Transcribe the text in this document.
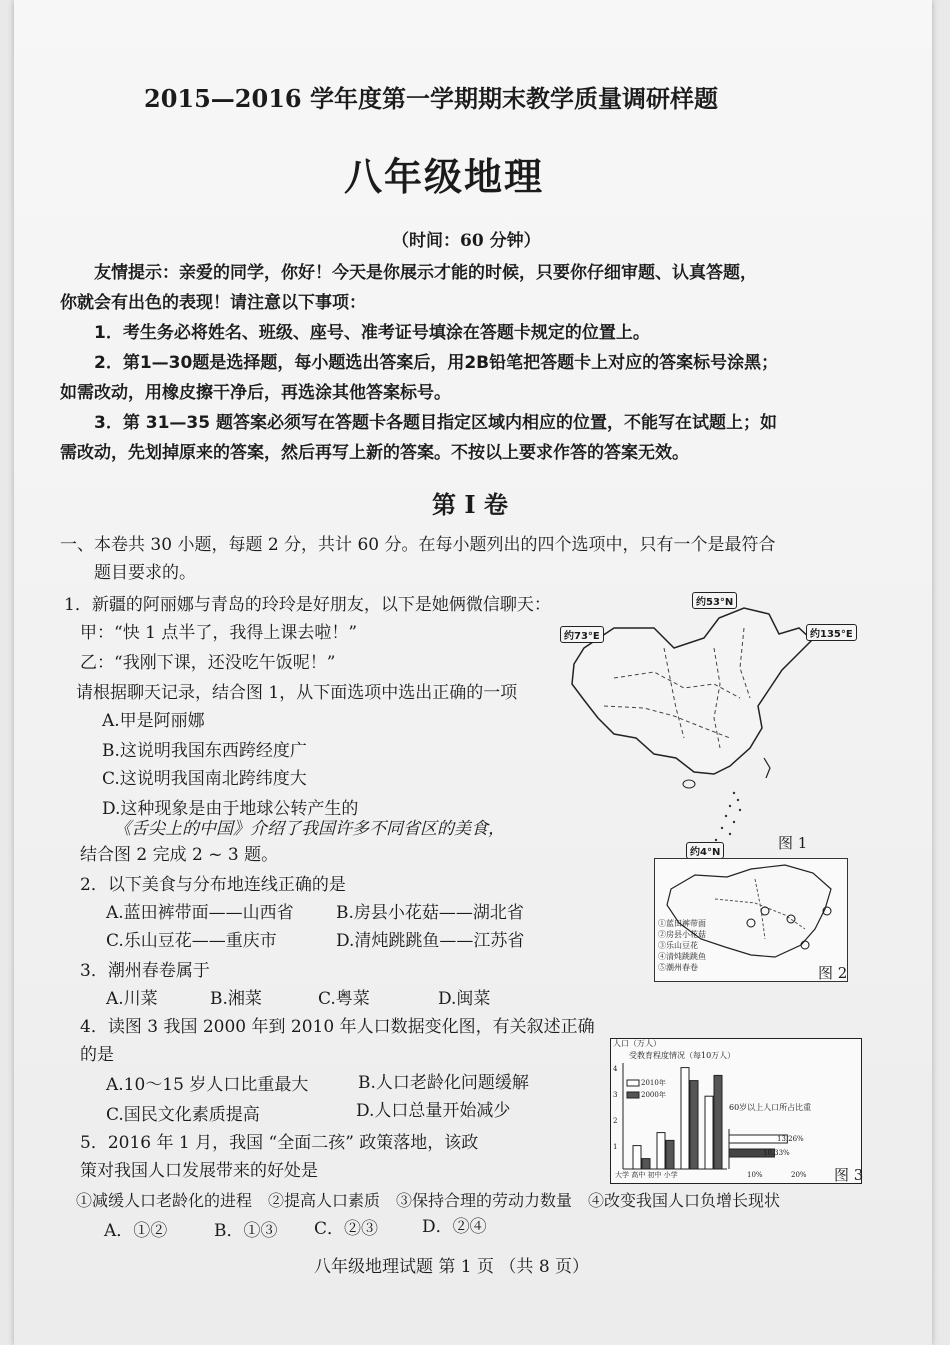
2015—2016 学年度第一学期期末教学质量调研样题
八年级地理
（时间：60 分钟）
友情提示：亲爱的同学，你好！今天是你展示才能的时候，只要你仔细审题、认真答题，
你就会有出色的表现！请注意以下事项：
1．考生务必将姓名、班级、座号、准考证号填涂在答题卡规定的位置上。
2．第1—30题是选择题，每小题选出答案后，用2B铅笔把答题卡上对应的答案标号涂黑；
如需改动，用橡皮擦干净后，再选涂其他答案标号。
3．第 31—35 题答案必须写在答题卡各题目指定区域内相应的位置，不能写在试题上；如
需改动，先划掉原来的答案，然后再写上新的答案。不按以上要求作答的答案无效。
第 I 卷
一、本卷共 30 小题，每题 2 分，共计 60 分。在每小题列出的四个选项中，只有一个是最符合
题目要求的。
1．新疆的阿丽娜与青岛的玲玲是好朋友，以下是她俩微信聊天：
甲：“快 1 点半了，我得上课去啦！”
乙：“我刚下课，还没吃午饭呢！”
请根据聊天记录，结合图 1，从下面选项中选出正确的一项
A.甲是阿丽娜
B.这说明我国东西跨经度广
C.这说明我国南北跨纬度大
D.这种现象是由于地球公转产生的
约53°N
约73°E	约135°E
约4°N
图 1
《舌尖上的中国》介绍了我国许多不同省区的美食，
结合图 2 完成 2 ~ 3 题。
2．以下美食与分布地连线正确的是
A.蓝田裤带面——山西省 B.房县小花菇——湖北省
C.乐山豆花——重庆市	D.清炖跳跳鱼——江苏省
①蓝田裤带面
②房县小花菇
③乐山豆花
④清炖跳跳鱼
⑤潮州春卷	图 2
3．潮州春卷属于
A.川菜	B.湘菜	C.粤菜	D.闽菜
4．读图 3 我国 2000 年到 2010 年人口数据变化图，有关叙述正确
的是
A.10～15 岁人口比重最大	B.人口老龄化问题缓解
C.国民文化素质提高	D.人口总量开始减少
人口（万人）
受教育程度情况（每10万人）
60岁以上人口所占比重
大学 高中 初中 小学	10%	20%
2010年
2000年
13.26%
10.33%
4
3
2
1
图 3
5．2016 年 1 月，我国 “全面二孩” 政策落地，该政
策对我国人口发展带来的好处是
①减缓人口老龄化的进程　②提高人口素质　③保持合理的劳动力数量　④改变我国人口负增长现状
A．①②	B．①③ C．②③	D．②④
八年级地理试题 第 1 页 （共 8 页）
